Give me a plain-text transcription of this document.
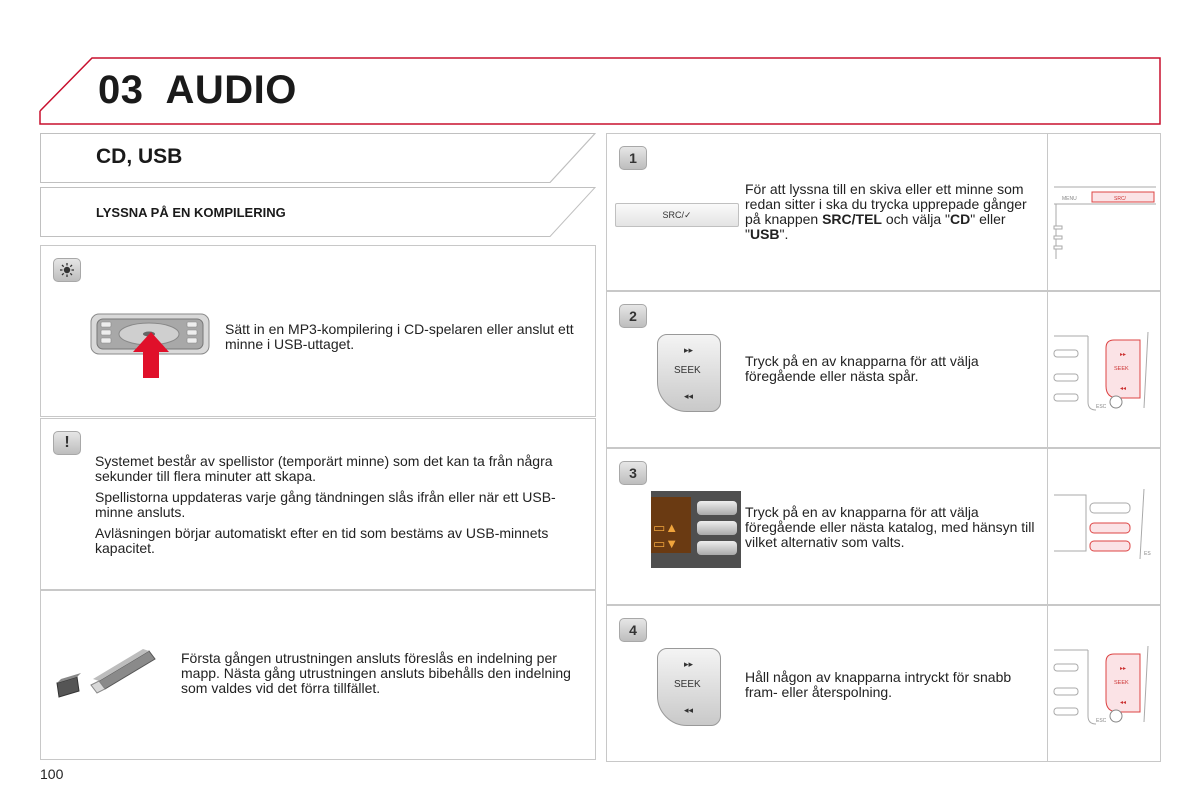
03 AUDIO
CD, USB
LYSSNA PÅ EN KOMPILERING
Sätt in en MP3-kompilering i CD-spelaren eller anslut ett minne i USB-uttaget.
!

Systemet består av spellistor (temporärt minne) som det kan ta från några sekunder till flera minuter att skapa.

Spellistorna uppdateras varje gång tändningen slås ifrån eller när ett USB-minne ansluts.

Avläsningen börjar automatiskt efter en tid som bestäms av USB-minnets kapacitet.

Första gången utrustningen ansluts föreslås en indelning per mapp. Nästa gång utrustningen ansluts bibehålls den indelning som valdes vid det förra tillfället.
1
SRC/ ✓
För att lyssna till en skiva eller ett minne som redan sitter i ska du trycka upprepade gånger på knappen SRC/TEL och välja "CD" eller "USB".
MENU	SRC/
2
▸▸
SEEK
◂◂
Tryck på en av knapparna för att välja föregående eller nästa spår.
▸▸
SEEK
◂◂
ESC
3
▭▲
▭▼
Tryck på en av knapparna för att välja föregående eller nästa katalog, med hänsyn till vilket alternativ som valts.
ES
4
▸▸
SEEK
◂◂
Håll någon av knapparna intryckt för snabb fram- eller återspolning.
▸▸
SEEK
◂◂
ESC
100
